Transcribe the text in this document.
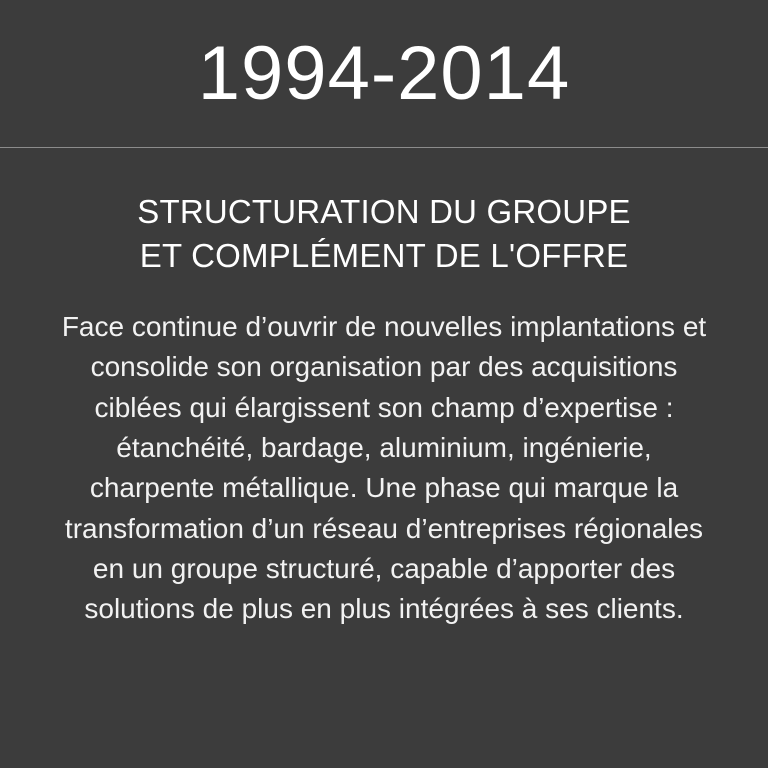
1994-2014
STRUCTURATION DU GROUPE
ET COMPLÉMENT DE L'OFFRE
Face continue d’ouvrir de nouvelles implantations et consolide son organisation par des acquisitions ciblées qui élargissent son champ d’expertise : étanchéité, bardage, aluminium, ingénierie, charpente métallique. Une phase qui marque la transformation d’un réseau d’entreprises régionales en un groupe structuré, capable d’apporter des solutions de plus en plus intégrées à ses clients.
